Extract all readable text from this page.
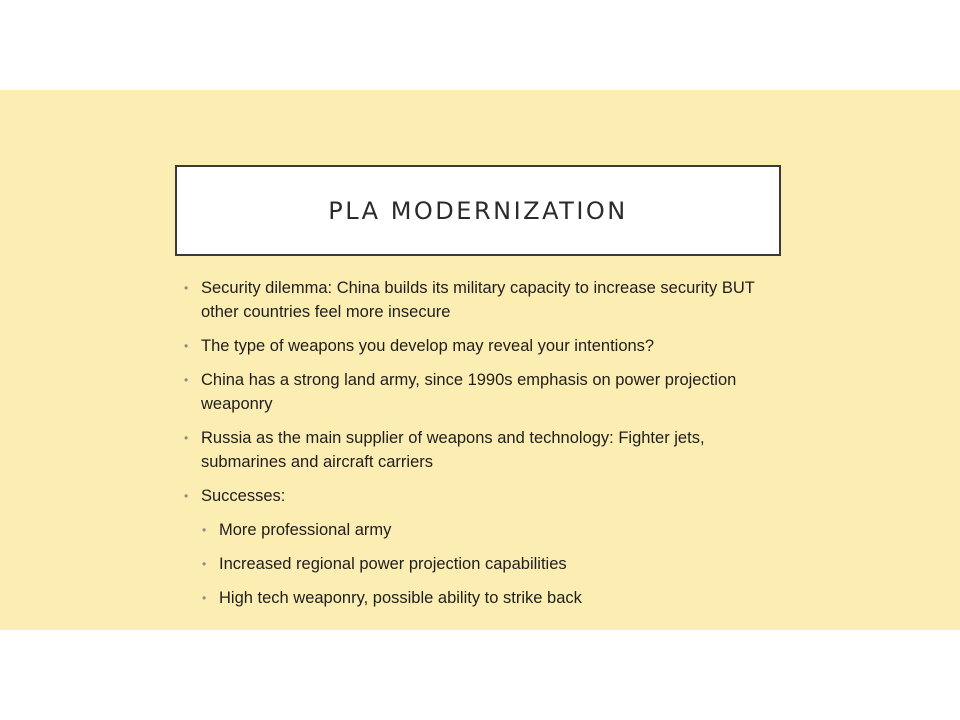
PLA MODERNIZATION
• Security dilemma: China builds its military capacity to increase security BUT other countries feel more insecure
• The type of weapons you develop may reveal your intentions?
• China has a strong land army, since 1990s emphasis on power projection weaponry
• Russia as the main supplier of weapons and technology: Fighter jets, submarines and aircraft carriers
• Successes:
• More professional army
• Increased regional power projection capabilities
• High tech weaponry, possible ability to strike back
